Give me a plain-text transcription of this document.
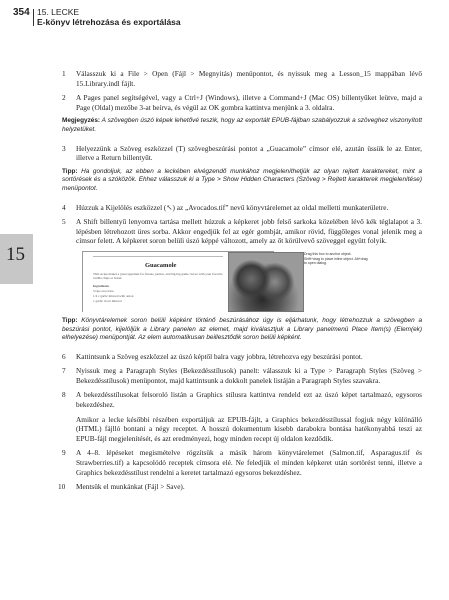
354 15. LECKE
E-könyv létrehozása és exportálása
15
1 Válasszuk ki a File > Open (Fájl > Megnyitás) menüpontot, és nyissuk meg a Lesson_15 mappában lévő 15.Library.indl fájlt.
2 A Pages panel segítségével, vagy a Ctrl+J (Windows), illetve a Command+J (Mac OS) billentyűket leütve, majd a Page (Oldal) mezőbe 3-at beírva, és végül az OK gombra kattintva menjünk a 3. oldalra.
Megjegyzés: A szövegben úszó képek lehetővé teszik, hogy az exportált EPUB-fájlban szabályozzuk a szöveghez viszonyított helyzetüket.
3 Helyezzünk a Szöveg eszközzel (T) szövegbeszúrási pontot a „Guacamole” címsor elé, azután üssük le az Enter, illetve a Return billentyűt.
Tipp: Ha gondoljuk, az ebben a leckében elvégzendő munkához megjeleníthetjük az olyan rejtett karaktereket, mint a sortörések és a szóközök. Ehhez válasszuk ki a Type > Show Hidden Characters (Szöveg > Rejtett karakterek megjelenítése) menüpontot.
4 Húzzuk a Kijelölés eszközzel (↖) az „Avocados.tif” nevű könyvtárelemet az oldal melletti munkaterületre.
5 A Shift billentyű lenyomva tartása mellett húzzuk a képkeret jobb felső sarkoka közelében lévő kék téglalapot a 3. lépésben létrehozott üres sorba. Akkor engedjük fel az egér gombját, amikor rövid, függőleges vonal jelenik meg a címsor felett. A képkeret soron belüli úszó képpé változott, amely az őt körülvevő szöveggel együtt folyik.
Guacamole
This recipe makes a great appetizer for fiestas, parties, and big-big game. Serve with your favorite tortilla chips or bread.
Ingredients
3 ripe avocados
1/4 c garlic minced with onion
1 garlic clove minced
Drag this box to anchor object. Shift+drag to place inline object. Alt+drag to open dialog.
Tipp: Könyvtárelemek soron belüli képként történő beszúrásához úgy is eljárhatunk, hogy létrehozzuk a szövegben a beszúrási pontot, kijelöljük a Library panelen az elemet, majd kiválasztjuk a Library panelmenü Place Item(s) (Elem(ek) elhelyezése) menüpontját. Az elem automatikusan beillesztődik soron belüli képként.
6 Kattintsunk a Szöveg eszközzel az úszó képtől balra vagy jobbra, létrehozva egy beszúrási pontot.
7 Nyissuk meg a Paragraph Styles (Bekezdésstílusok) panelt: válasszuk ki a Type > Paragraph Styles (Szöveg > Bekezdésstílusok) menüpontot, majd kattintsunk a dokkolt panelek listáján a Paragraph Styles szavakra.
8 A bekezdésstílusokat felsoroló listán a Graphics stílusra kattintva rendeld ezt az úszó képet tartalmazó, egysoros bekezdéshez.
Amikor a lecke későbbi részében exportáljuk az EPUB-fájlt, a Graphics bekezdésstílussal fogjuk négy különálló (HTML) fájlló bontani a négy receptet. A hosszú dokumentum kisebb darabokra bontása hatékonyabbá teszi az EPUB-fájl megjelenítését, és azt eredményezi, hogy minden recept új oldalon kezdődik.
9 A 4–8. lépéseket megismételve rögzítsük a másik három könyvtárelemet (Salmon.tif, Asparagus.tif és Strawberries.tif) a kapcsolódó receptek címsora elé. Ne feledjük el minden képkeret után sortörést tenni, illetve a Graphics bekezdésstílust rendelni a keretet tartalmazó egysoros bekezdéshez.
10 Mentsük el munkánkat (Fájl > Save).
